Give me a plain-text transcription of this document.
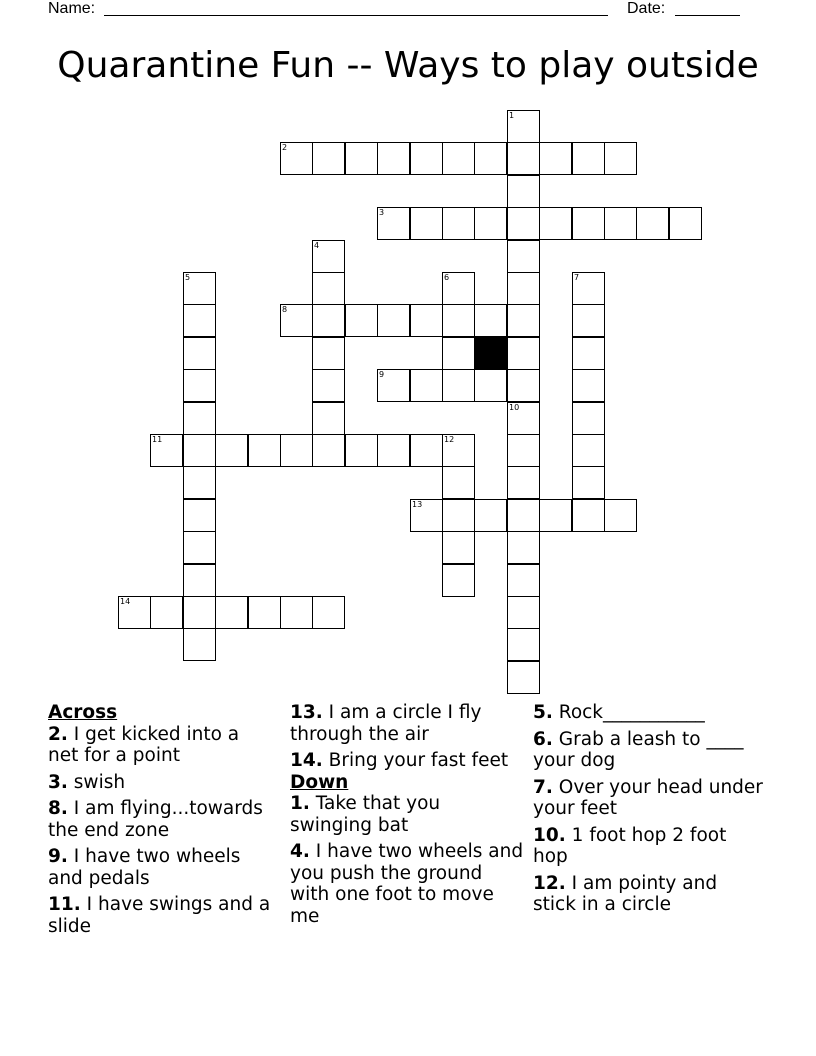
Name:	Date:
Quarantine Fun -- Ways to play outside
1
10
2
3
4
5	6	7
8
9
11	12
13
14
Across
2. I get kicked into a net for a point
3. swish
8. I am flying...towards the end zone
9. I have two wheels and pedals
11. I have swings and a slide
13. I am a circle I fly through the air
14. Bring your fast feet
Down
1. Take that you swinging bat
4. I have two wheels and you push the ground with one foot to move me
5. Rock___________
6. Grab a leash to ____ your dog
7. Over your head under your feet
10. 1 foot hop 2 foot hop
12. I am pointy and stick in a circle
